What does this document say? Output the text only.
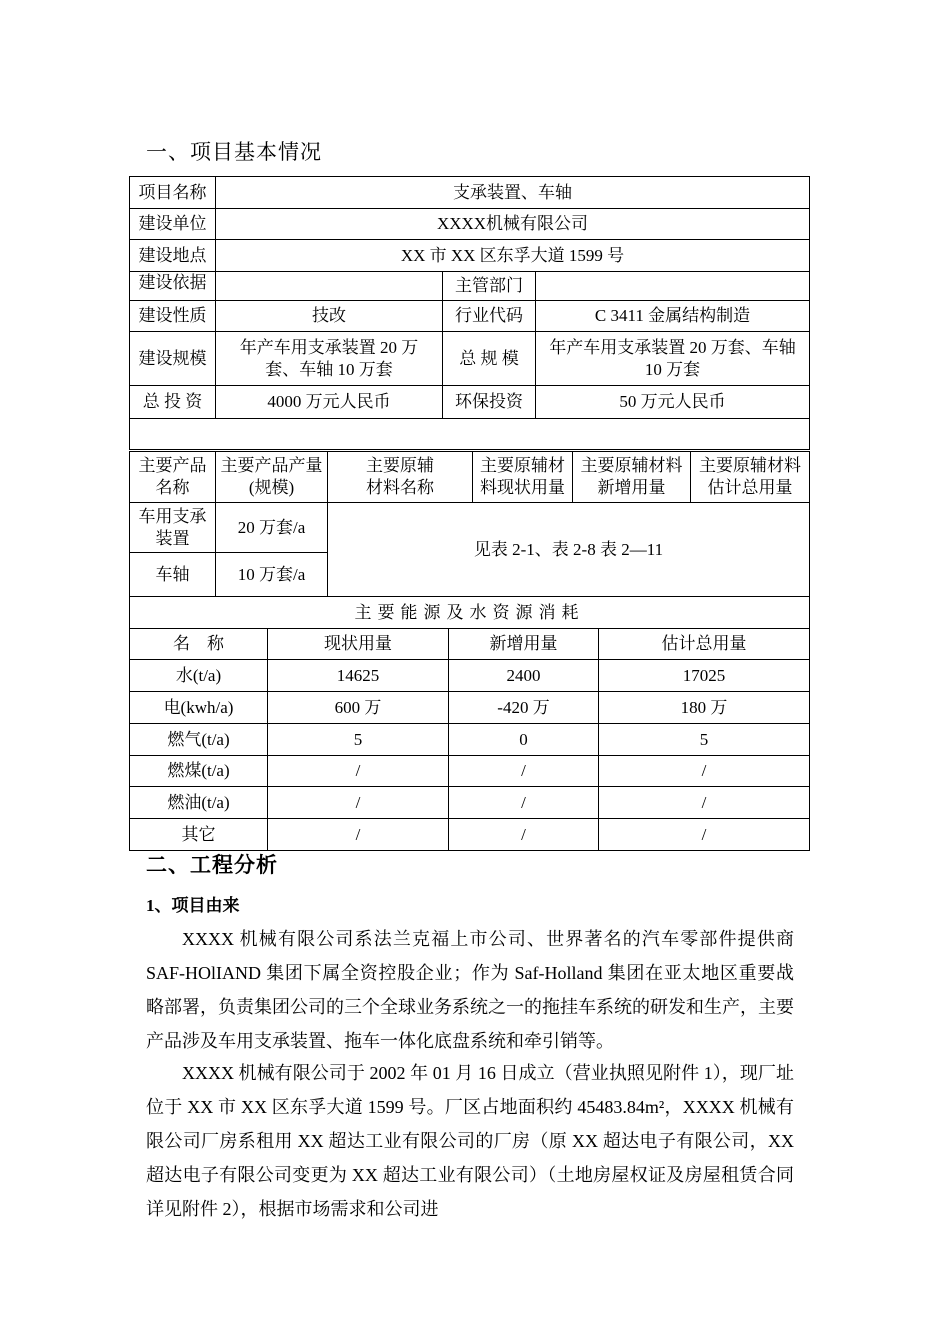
一、项目基本情况
项目名称	支承装置、车轴		
建设单位	XXXX机械有限公司		
建设地点	XX 市 XX 区东孚大道 1599 号		
建设依据		主管部门	
建设性质	技改	行业代码	C 3411 金属结构制造
建设规模	年产车用支承装置 20 万套、车轴 10 万套	总 规 模	年产车用支承装置 20 万套、车轴 10 万套
总 投 资	4000 万元人民币	环保投资	50 万元人民币

主要产品名称	主要产品产量(规模)	主要原辅材料名称	主要原辅材料现状用量	主要原辅材料新增用量	主要原辅材料估计总用量
车用支承装置	20 万套/a	见表 2-1、表 2-8 表 2—11			
车轴	10 万套/a				
主要能源及水资源消耗			
名　称	现状用量	新增用量	估计总用量
水(t/a)	14625	2400	17025
电(kwh/a)	600 万	-420 万	180 万
燃气(t/a)	5	0	5
燃煤(t/a)	/	/	/
燃油(t/a)	/	/	/
其它	/	/	/
二、工程分析
1、项目由来

XXXX 机械有限公司系法兰克福上市公司、世界著名的汽车零部件提供商 SAF-HOlIAND 集团下属全资控股企业；作为 Saf-Holland 集团在亚太地区重要战略部署，负责集团公司的三个全球业务系统之一的拖挂车系统的研发和生产，主要产品涉及车用支承装置、拖车一体化底盘系统和牵引销等。

XXXX 机械有限公司于 2002 年 01 月 16 日成立（营业执照见附件 1），现厂址位于 XX 市 XX 区东孚大道 1599 号。厂区占地面积约 45483.84m²，XXXX 机械有限公司厂房系租用 XX 超达工业有限公司的厂房（原 XX 超达电子有限公司，XX 超达电子有限公司变更为 XX 超达工业有限公司）（土地房屋权证及房屋租赁合同详见附件 2），根据市场需求和公司进
